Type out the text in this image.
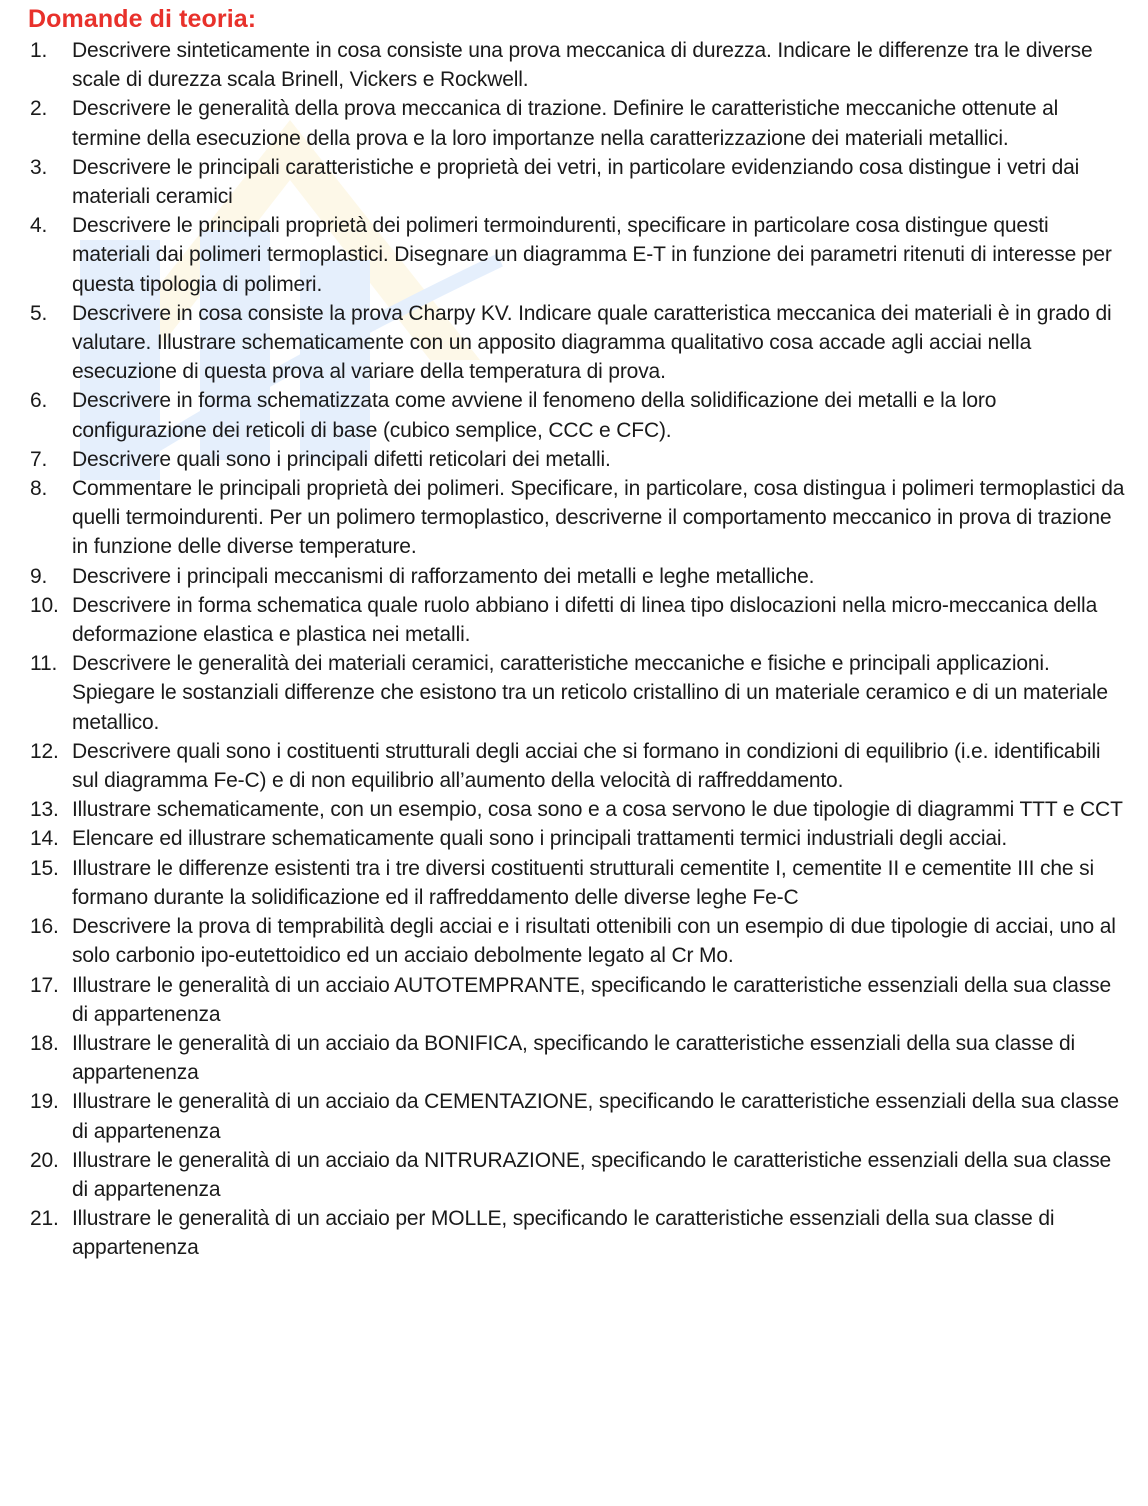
Domande di teoria:
1. Descrivere sinteticamente in cosa consiste una prova meccanica di durezza. Indicare le differenze tra le diverse scale di durezza scala Brinell, Vickers e Rockwell.
2. Descrivere le generalità della prova meccanica di trazione. Definire le caratteristiche meccaniche ottenute al termine della esecuzione della prova e la loro importanze nella caratterizzazione dei materiali metallici.
3. Descrivere le principali caratteristiche e proprietà dei vetri, in particolare evidenziando cosa distingue i vetri dai materiali ceramici
4. Descrivere le principali proprietà dei polimeri termoindurenti, specificare in particolare cosa distingue questi materiali dai polimeri termoplastici. Disegnare un diagramma E-T in funzione dei parametri ritenuti di interesse per questa tipologia di polimeri.
5. Descrivere in cosa consiste la prova Charpy KV. Indicare quale caratteristica meccanica dei materiali è in grado di valutare. Illustrare schematicamente con un apposito diagramma qualitativo cosa accade agli acciai nella esecuzione di questa prova al variare della temperatura di prova.
6. Descrivere in forma schematizzata come avviene il fenomeno della solidificazione dei metalli e la loro configurazione dei reticoli di base (cubico semplice, CCC e CFC).
7. Descrivere quali sono i principali difetti reticolari dei metalli.
8. Commentare le principali proprietà dei polimeri. Specificare, in particolare, cosa distingua i polimeri termoplastici da quelli termoindurenti. Per un polimero termoplastico, descriverne il comportamento meccanico in prova di trazione in funzione delle diverse temperature.
9. Descrivere i principali meccanismi di rafforzamento dei metalli e leghe metalliche.
10. Descrivere in forma schematica quale ruolo abbiano i difetti di linea tipo dislocazioni nella micro-meccanica della deformazione elastica e plastica nei metalli.
11. Descrivere le generalità dei materiali ceramici, caratteristiche meccaniche e fisiche e principali applicazioni. Spiegare le sostanziali differenze che esistono tra un reticolo cristallino di un materiale ceramico e di un materiale metallico.
12. Descrivere quali sono i costituenti strutturali degli acciai che si formano in condizioni di equilibrio (i.e. identificabili sul diagramma Fe-C) e di non equilibrio all’aumento della velocità di raffreddamento.
13. Illustrare schematicamente, con un esempio, cosa sono e a cosa servono le due tipologie di diagrammi TTT e CCT
14. Elencare ed illustrare schematicamente quali sono i principali trattamenti termici industriali degli acciai.
15. Illustrare le differenze esistenti tra i tre diversi costituenti strutturali cementite I, cementite II e cementite III che si formano durante la solidificazione ed il raffreddamento delle diverse leghe Fe-C
16. Descrivere la prova di temprabilità degli acciai e i risultati ottenibili con un esempio di due tipologie di acciai, uno al solo carbonio ipo-eutettoidico ed un acciaio debolmente legato al Cr Mo.
17. Illustrare le generalità di un acciaio AUTOTEMPRANTE, specificando le caratteristiche essenziali della sua classe di appartenenza
18. Illustrare le generalità di un acciaio da BONIFICA, specificando le caratteristiche essenziali della sua classe di appartenenza
19. Illustrare le generalità di un acciaio da CEMENTAZIONE, specificando le caratteristiche essenziali della sua classe di appartenenza
20. Illustrare le generalità di un acciaio da NITRURAZIONE, specificando le caratteristiche essenziali della sua classe di appartenenza
21. Illustrare le generalità di un acciaio per MOLLE, specificando le caratteristiche essenziali della sua classe di appartenenza
